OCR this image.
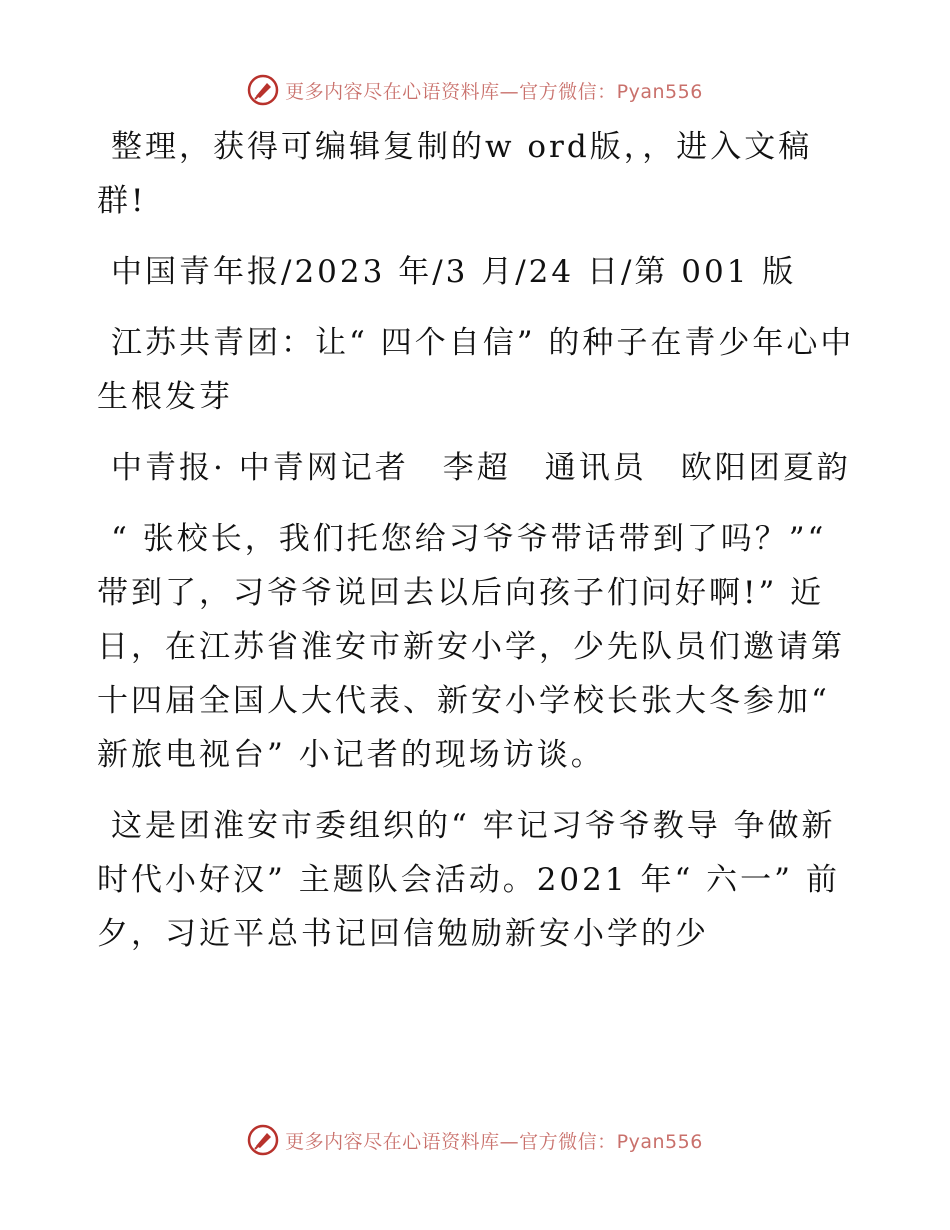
更多内容尽在心语资料库—官方微信：Pyan556

整理，获得可编辑复制的w ord版，，进入文稿群!

中国青年报/2023 年/3 月/24 日/第 001 版

江苏共青团：让“ 四个自信” 的种子在青少年心中生根发芽

中青报· 中青网记者　李超　通讯员　欧阳团夏韵

“ 张校长，我们托您给习爷爷带话带到了吗？”“ 带到了，习爷爷说回去以后向孩子们问好啊!” 近日，在江苏省淮安市新安小学，少先队员们邀请第十四届全国人大代表、新安小学校长张大冬参加“ 新旅电视台” 小记者的现场访谈。

这是团淮安市委组织的“ 牢记习爷爷教导 争做新时代小好汉” 主题队会活动。2021 年“ 六一” 前夕，习近平总书记回信勉励新安小学的少

更多内容尽在心语资料库—官方微信：Pyan556
